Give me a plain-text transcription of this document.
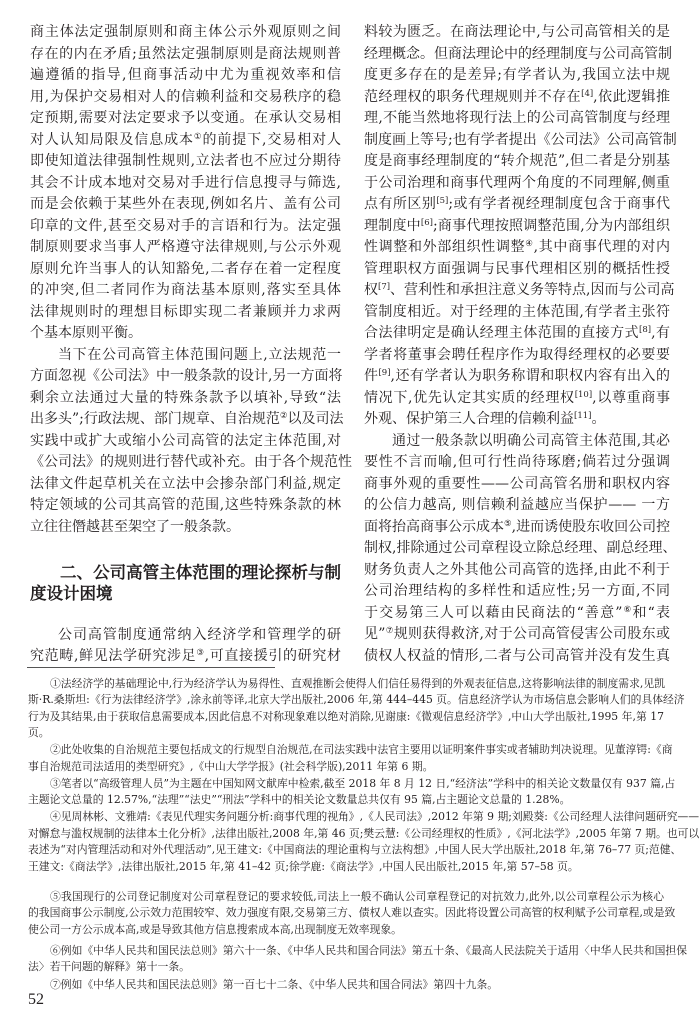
商主体法定强制原则和商主体公示外观原则之间
存在的内在矛盾;虽然法定强制原则是商法规则普
遍遵循的指导,但商事活动中尤为重视效率和信
用,为保护交易相对人的信赖利益和交易秩序的稳
定预期,需要对法定要求予以变通。在承认交易相
对人认知局限及信息成本①的前提下,交易相对人
即使知道法律强制性规则,立法者也不应过分期待
其会不计成本地对交易对手进行信息搜寻与筛选,
而是会依赖于某些外在表现,例如名片、盖有公司
印章的文件,甚至交易对手的言语和行为。法定强
制原则要求当事人严格遵守法律规则,与公示外观
原则允许当事人的认知豁免,二者存在着一定程度
的冲突,但二者同作为商法基本原则,落实至具体
法律规则时的理想目标即实现二者兼顾并力求两
个基本原则平衡。
当下在公司高管主体范围问题上,立法规范一
方面忽视《公司法》中一般条款的设计,另一方面将
剩余立法通过大量的特殊条款予以填补,导致“法
出多头”;行政法规、部门规章、自治规范②以及司法
实践中或扩大或缩小公司高管的法定主体范围,对
《公司法》的规则进行替代或补充。由于各个规范性
法律文件起草机关在立法中会掺杂部门利益,规定
特定领域的公司其高管的范围,这些特殊条款的林
立往往僭越甚至架空了一般条款。
二、公司高管主体范围的理论探析与制
度设计困境
公司高管制度通常纳入经济学和管理学的研
究范畴,鲜见法学研究涉足③,可直接援引的研究材
料较为匮乏。在商法理论中,与公司高管相关的是
经理概念。但商法理论中的经理制度与公司高管制
度更多存在的是差异;有学者认为,我国立法中规
范经理权的职务代理规则并不存在[4],依此逻辑推
理,不能当然地将现行法上的公司高管制度与经理
制度画上等号;也有学者提出《公司法》公司高管制
度是商事经理制度的“转介规范”,但二者是分别基
于公司治理和商事代理两个角度的不同理解,侧重
点有所区别[5];或有学者视经理制度包含于商事代
理制度中[6];商事代理按照调整范围,分为内部组织
性调整和外部组织性调整④,其中商事代理的对内
管理职权方面强调与民事代理相区别的概括性授
权[7]、营利性和承担注意义务等特点,因而与公司高
管制度相近。对于经理的主体范围,有学者主张符
合法律明定是确认经理主体范围的直接方式[8],有
学者将董事会聘任程序作为取得经理权的必要要
件[9],还有学者认为职务称谓和职权内容有出入的
情况下,优先认定其实质的经理权[10],以尊重商事
外观、保护第三人合理的信赖利益[11]。
通过一般条款以明确公司高管主体范围,其必
要性不言而喻,但可行性尚待琢磨;倘若过分强调
商事外观的重要性——公司高管名册和职权内容
的公信力越高, 则信赖利益越应当保护—— 一方
面将抬高商事公示成本⑤,进而诱使股东收回公司控
制权,排除通过公司章程设立除总经理、副总经理、
财务负责人之外其他公司高管的选择,由此不利于
公司治理结构的多样性和适应性;另一方面,不同
于交易第三人可以藉由民商法的“善意”⑥和“表
见”⑦规则获得救济,对于公司高管侵害公司股东或
债权人权益的情形,二者与公司高管并没有发生真
①法经济学的基础理论中,行为经济学认为易得性、直观推断会使得人们信任易得到的外观表征信息,这将影响法律的制度需求,见凯
斯·R.桑斯坦:《行为法律经济学》,涂永前等译,北京大学出版社,2006 年,第 444–445 页。信息经济学认为市场信息会影响人们的具体经济
行为及其结果,由于获取信息需要成本,因此信息不对称现象难以绝对消除,见谢康:《微观信息经济学》,中山大学出版社,1995 年,第 17
页。
②此处收集的自治规范主要包括成文的行规型自治规范,在司法实践中法官主要用以证明案件事实或者辅助判决说理。见董淳锷:《商
事自治规范司法适用的类型研究》,《中山大学学报》(社会科学版),2011 年第 6 期。
③笔者以“高级管理人员”为主题在中国知网文献库中检索,截至 2018 年 8 月 12 日,“经济法”学科中的相关论文数量仅有 937 篇,占
主题论文总量的 12.57%,“法理”“法史”“刑法”学科中的相关论文数量总共仅有 95 篇,占主题论文总量的 1.28%。
④见周林彬、文雅靖:《表见代理实务问题分析:商事代理的视角》,《人民司法》,2012 年第 9 期;刘殿葵:《公司经理人法律问题研究——
对懈怠与滥权规制的法律本土化分析》,法律出版社,2008 年,第 46 页;樊云慧:《公司经理权的性质》,《河北法学》,2005 年第 7 期。也可以
表述为“对内管理活动和对外代理活动”,见王建文:《中国商法的理论重构与立法构想》,中国人民大学出版社,2018 年,第 76–77 页;范健、
王建文:《商法学》,法律出版社,2015 年,第 41–42 页;徐学鹿:《商法学》,中国人民出版社,2015 年,第 57–58 页。
⑤我国现行的公司登记制度对公司章程登记的要求较低,司法上一般不确认公司章程登记的对抗效力,此外,以公司章程公示为核心
的我国商事公示制度,公示效力范围较窄、效力强度有限,交易第三方、债权人难以查实。因此将设置公司高管的权利赋予公司章程,或是致
使公司一方公示成本高,或是导致其他方信息搜索成本高,出现制度无效率现象。
⑥例如《中华人民共和国民法总则》第六十一条、《中华人民共和国合同法》第五十条、《最高人民法院关于适用〈中华人民共和国担保
法〉若干问题的解释》第十一条。
⑦例如《中华人民共和国民法总则》第一百七十二条、《中华人民共和国合同法》第四十九条。
52
